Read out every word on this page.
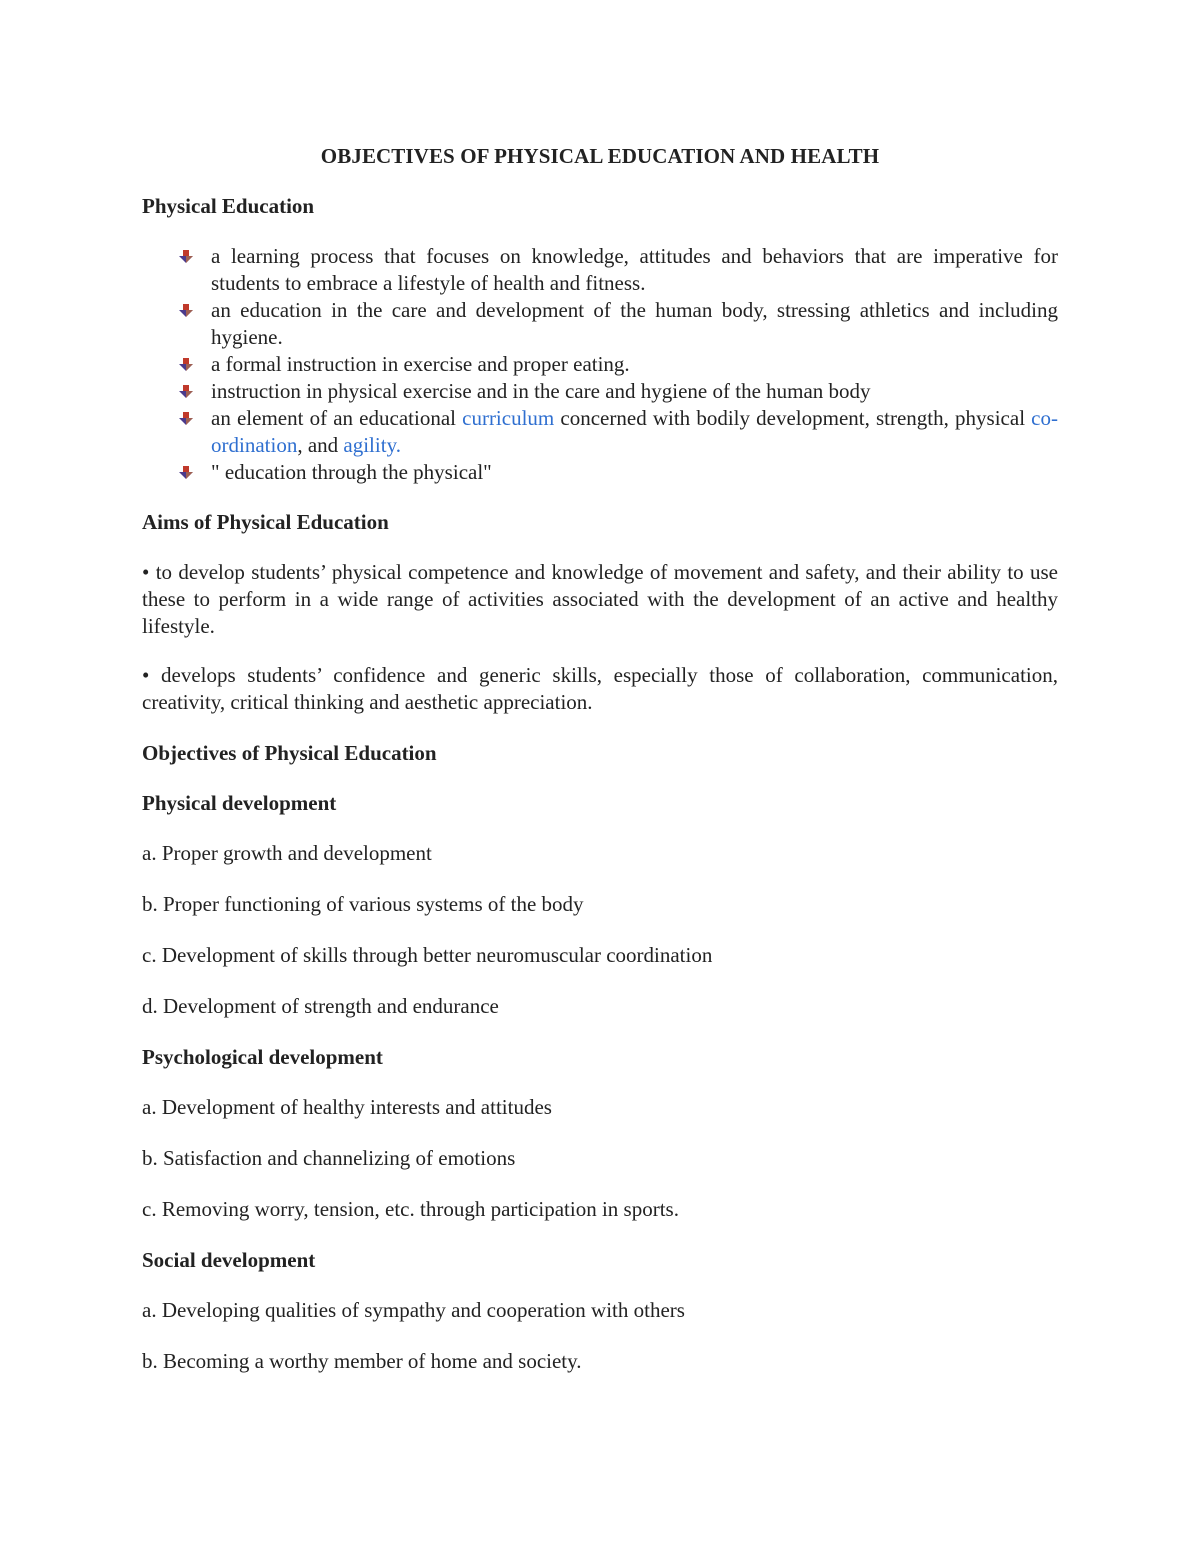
OBJECTIVES OF PHYSICAL EDUCATION AND HEALTH
Physical Education
a learning process that focuses on knowledge, attitudes and behaviors that are imperative for students to embrace a lifestyle of health and fitness.
an education in the care and development of the human body, stressing athletics and including hygiene.
a formal instruction in exercise and proper eating.
instruction in physical exercise and in the care and hygiene of the human body
an element of an educational curriculum concerned with bodily development, strength, physical co-ordination, and agility.
" education through the physical"
Aims of Physical Education

• to develop students’ physical competence and knowledge of movement and safety, and their ability to use these to perform in a wide range of activities associated with the development of an active and healthy lifestyle.

• develops students’ confidence and generic skills, especially those of collaboration, communication, creativity, critical thinking and aesthetic appreciation.

Objectives of Physical Education
Physical development
a. Proper growth and development
b. Proper functioning of various systems of the body
c. Development of skills through better neuromuscular coordination
d. Development of strength and endurance
Psychological development
a. Development of healthy interests and attitudes
b. Satisfaction and channelizing of emotions
c. Removing worry, tension, etc. through participation in sports.
Social development
a. Developing qualities of sympathy and cooperation with others
b. Becoming a worthy member of home and society.
